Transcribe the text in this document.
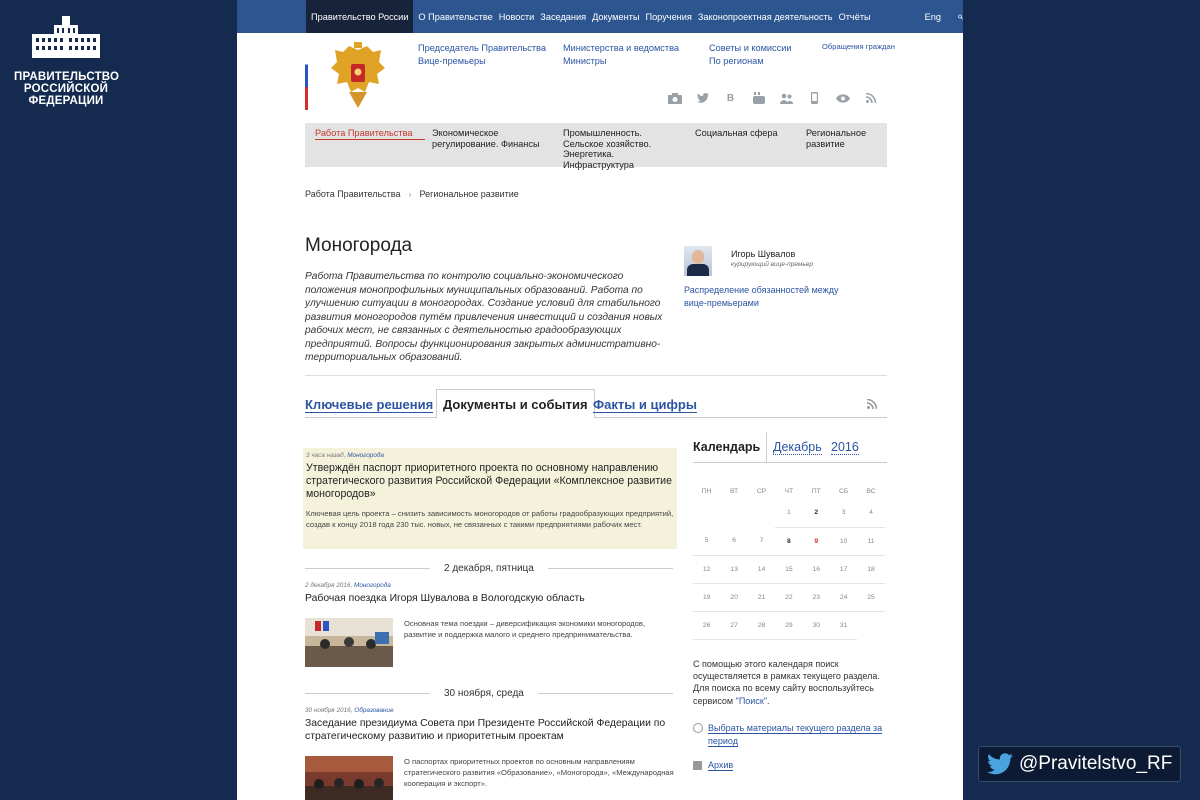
ПРАВИТЕЛЬСТВО
РОССИЙСКОЙ
ФЕДЕРАЦИИ
@Pravitelstvo_RF
Правительство России	О Правительстве Новости Заседания Документы Поручения Законопроектная деятельность Отчёты	Eng
Председатель Правительства
Вице-премьеры
Министерства и ведомства
Министры
Советы и комиссии
По регионам
Обращения граждан
B
Работа Правительства	Экономическое регулирование. Финансы
Промышленность. Сельское хозяйство. Энергетика. Инфраструктура
Социальная сфера	Региональное развитие
Работа Правительства › Региональное развитие
Моногорода
Работа Правительства по контролю социально-экономического положения монопрофильных муниципальных образований. Работа по улучшению ситуации в моногородах. Создание условий для стабильного развития моногородов путём привлечения инвестиций и создания новых рабочих мест, не связанных с деятельностью градообразующих предприятий. Вопросы функционирования закрытых административно-территориальных образований.
Игорь Шувалов
курирующий вице-премьер
Распределение обязанностей между вице-премьерами
Ключевые решения Документы и события Факты и цифры
3 часа назад, Моногорода
Утверждён паспорт приоритетного проекта по основному направлению стратегического развития Российской Федерации «Комплексное развитие моногородов»
Ключевая цель проекта – снизить зависимость моногородов от работы градообразующих предприятий, создав к концу 2018 года 230 тыс. новых, не связанных с такими предприятиями рабочих мест.
2 декабря, пятница
2 декабря 2016, Моногорода
Рабочая поездка Игоря Шувалова в Вологодскую область
Основная тема поездки – диверсификация экономики моногородов, развитие и поддержка малого и среднего предпринимательства.
30 ноября, среда
30 ноября 2016, Образование
Заседание президиума Совета при Президенте Российской Федерации по стратегическому развитию и приоритетным проектам
О паспортах приоритетных проектов по основным направлениям стратегического развития «Образование», «Моногорода», «Международная кооперация и экспорт».
Календарь Декабрь 2016
ПН	ВТ	СР	ЧТ	ПТ	СБ	ВС
			1	2	3	4
5	6	7	8	9	10	11
12	13	14	15	16	17	18
19	20	21	22	23	24	25
26	27	28	29	30	31	
С помощью этого календаря поиск осуществляется в рамках текущего раздела. Для поиска по всему сайту воспользуйтесь сервисом "Поиск".
Выбрать материалы текущего раздела за период
Архив
